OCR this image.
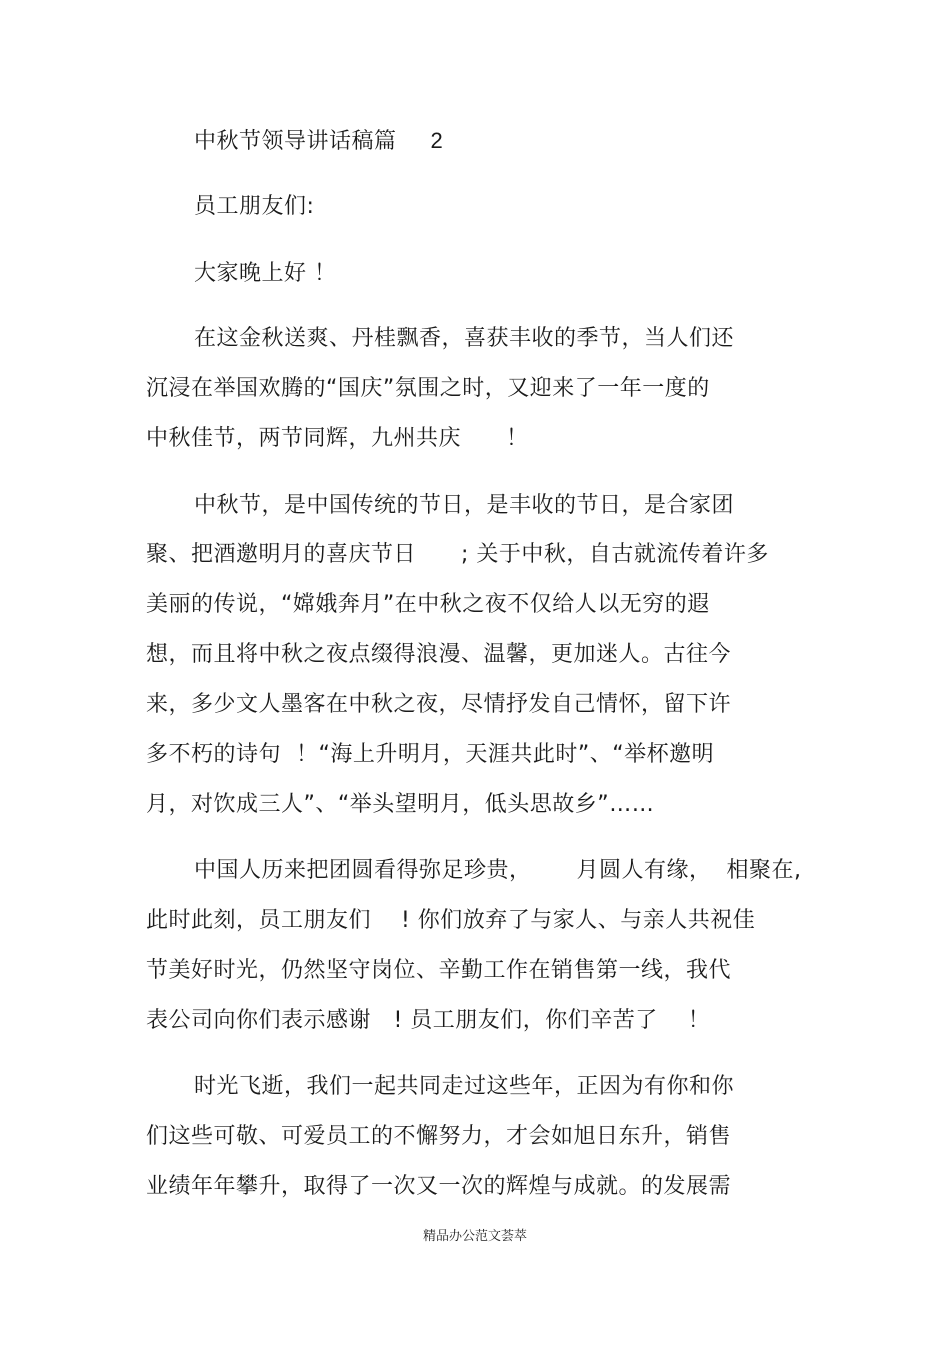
中秋节领导讲话稿篇 2
员工朋友们:
大家晚上好 ！
在这金秋送爽、丹桂飘香，喜获丰收的季节，当人们还
沉浸在举国欢腾的“国庆”氛围之时，又迎来了一年一度的
中秋佳节，两节同辉，九州共庆      ！
中秋节，是中国传统的节日，是丰收的节日，是合家团
聚、把酒邀明月的喜庆节日      ; 关于中秋，自古就流传着许多
美丽的传说，“嫦娥奔月”在中秋之夜不仅给人以无穷的遐
想，而且将中秋之夜点缀得浪漫、温馨，更加迷人。古往今
来，多少文人墨客在中秋之夜，尽情抒发自己情怀，留下许
多不朽的诗句  ！“海上升明月，天涯共此时”、“举杯邀明
月，对饮成三人”、“举头望明月，低头思故乡”……
中国人历来把团圆看得弥足珍贵，      月圆人有缘，  相聚在,
此时此刻，员工朋友们    ! 你们放弃了与家人、与亲人共祝佳
节美好时光，仍然坚守岗位、辛勤工作在销售第一线，我代
表公司向你们表示感谢   ! 员工朋友们，你们辛苦了    ！
时光飞逝，我们一起共同走过这些年，正因为有你和你
们这些可敬、可爱员工的不懈努力，才会如旭日东升，销售
业绩年年攀升，取得了一次又一次的辉煌与成就。的发展需
精品办公范文荟萃
